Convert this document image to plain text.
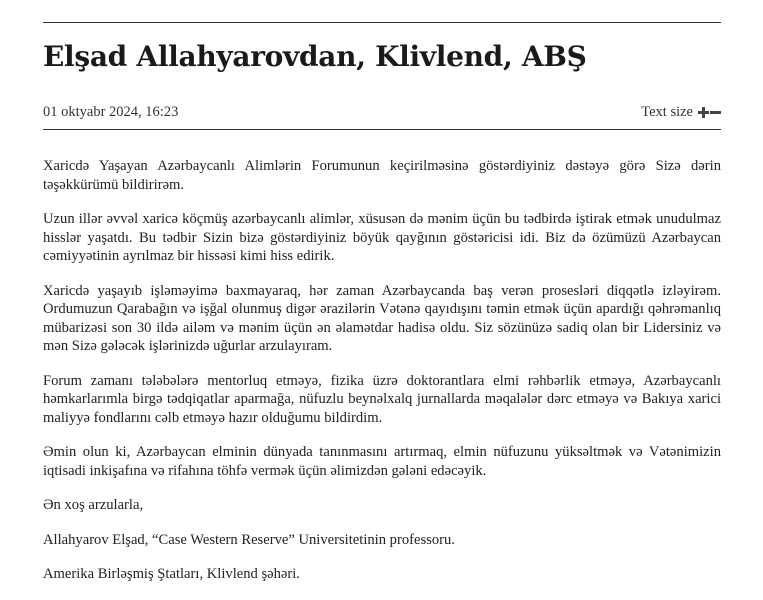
Elşad Allahyarovdan, Klivlend, ABŞ
01 oktyabr 2024, 16:23	Text size

Xaricdə Yaşayan Azərbaycanlı Alimlərin Forumunun keçirilməsinə göstərdiyiniz dəstəyə görə Sizə dərin təşəkkürümü bildirirəm.

Uzun illər əvvəl xaricə köçmüş azərbaycanlı alimlər, xüsusən də mənim üçün bu tədbirdə iştirak etmək unudulmaz hisslər yaşatdı. Bu tədbir Sizin bizə göstərdiyiniz böyük qayğının göstəricisi idi. Biz də özümüzü Azərbaycan cəmiyyətinin ayrılmaz bir hissəsi kimi hiss edirik.

Xaricdə yaşayıb işləməyimə baxmayaraq, hər zaman Azərbaycanda baş verən prosesləri diqqətlə izləyirəm. Ordumuzun Qarabağın və işğal olunmuş digər ərazilərin Vətənə qayıdışını təmin etmək üçün apardığı qəhrəmanlıq mübarizəsi son 30 ildə ailəm və mənim üçün ən əlamətdar hadisə oldu. Siz sözünüzə sadiq olan bir Lidersiniz və mən Sizə gələcək işlərinizdə uğurlar arzulayıram.

Forum zamanı tələbələrə mentorluq etməyə, fizika üzrə doktorantlara elmi rəhbərlik etməyə, Azərbaycanlı həmkarlarımla birgə tədqiqatlar aparmağa, nüfuzlu beynəlxalq jurnallarda məqalələr dərc etməyə və Bakıya xarici maliyyə fondlarını cəlb etməyə hazır olduğumu bildirdim.

Əmin olun ki, Azərbaycan elminin dünyada tanınmasını artırmaq, elmin nüfuzunu yüksəltmək və Vətənimizin iqtisadi inkişafına və rifahına töhfə vermək üçün əlimizdən gələni edəcəyik.

Ən xoş arzularla,

Allahyarov Elşad, “Case Western Reserve” Universitetinin professoru.

Amerika Birləşmiş Ştatları, Klivlend şəhəri.
